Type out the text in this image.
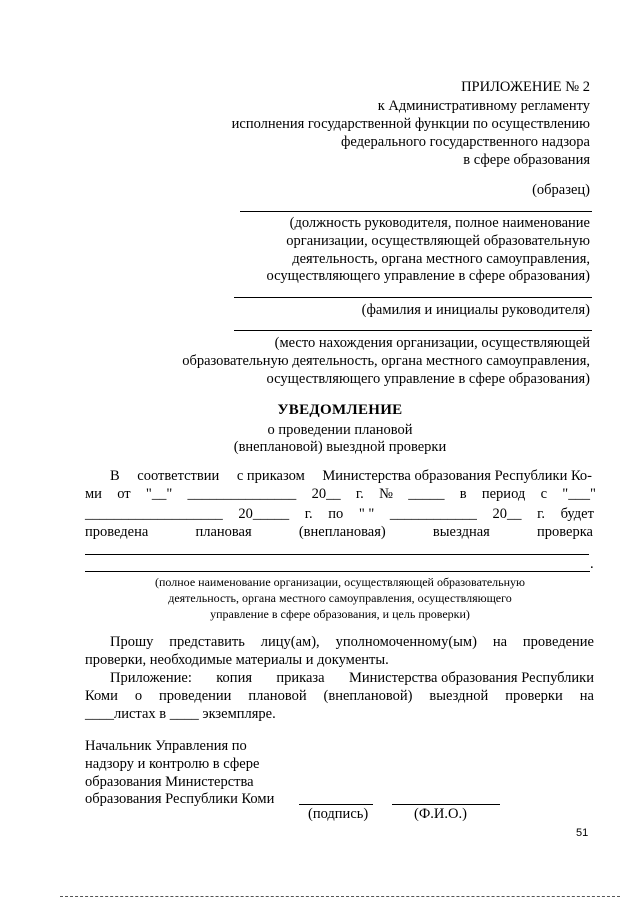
ПРИЛОЖЕНИЕ № 2
к Административному регламенту
исполнения государственной функции по осуществлению
федерального государственного надзора
в сфере образования
(образец)
(должность руководителя, полное наименование
организации, осуществляющей образовательную
деятельность, органа местного самоуправления,
осуществляющего управление в сфере образования)
(фамилия и инициалы руководителя)
(место нахождения организации, осуществляющей
образовательную деятельность, органа местного самоуправления,
осуществляющего управление в сфере образования)
УВЕДОМЛЕНИЕ
о проведении плановой
(внеплановой) выездной проверки
В соответствии с приказом Министерства образования Республики Ко-
ми от "__" _______________ 20__ г. № _____ в период с "___"
___________________ 20_____ г. по " " ____________ 20__ г. будет
проведена	плановая	(внеплановая)	выездная	проверка
.
(полное наименование организации, осуществляющей образовательную
деятельность, органа местного самоуправления, осуществляющего
управление в сфере образования, и цель проверки)
Прошу представить лицу(ам), уполномоченному(ым) на проведение
проверки, необходимые материалы и документы.
Приложение: копия приказа Министерства образования Республики
Коми о проведении плановой (внеплановой) выездной проверки на
____листах в ____ экземпляре.
Начальник Управления по
надзору и контролю в сфере
образования Министерства
образования Республики Коми
(подпись)	(Ф.И.О.)
51
